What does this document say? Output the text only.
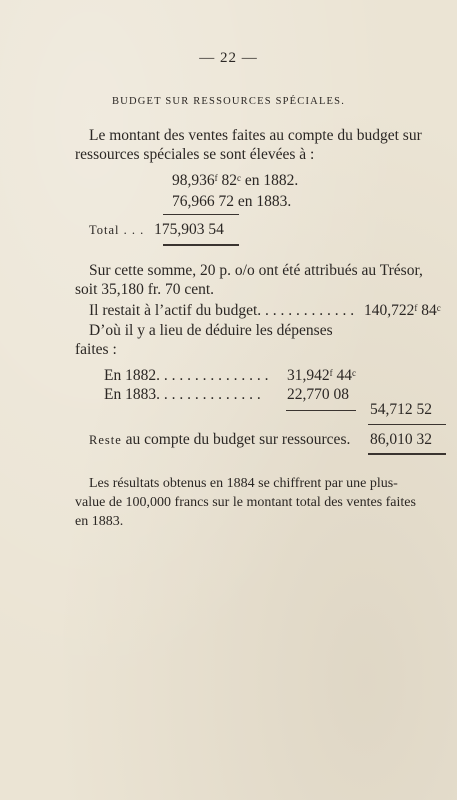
— 22 —
BUDGET SUR RESSOURCES SPÉCIALES.
Le montant des ventes faites au compte du budget sur
ressources spéciales se sont élevées à :
98,936$^f$ 82$^c$ en 1882.
76,966 72 en 1883.
Total . . . 175,903 54
Sur cette somme, 20 p. o/o ont été attribués au Trésor,
soit 35,180 fr. 70 cent.
Il restait à l’actif du budget. . . . . . . . . . . . . 140,722$^f$ 84$^c$
D’où il y a lieu de déduire les dépenses
faites :
En 1882. . . . . . . . . . . . . . . 31,942$^f$ 44$^c$
En 1883. . . . . . . . . . . . . . 22,770 08
54,712 52
Reste au compte du budget sur ressources. 86,010 32
Les résultats obtenus en 1884 se chiffrent par une plus-
value de 100,000 francs sur le montant total des ventes faites
en 1883.
